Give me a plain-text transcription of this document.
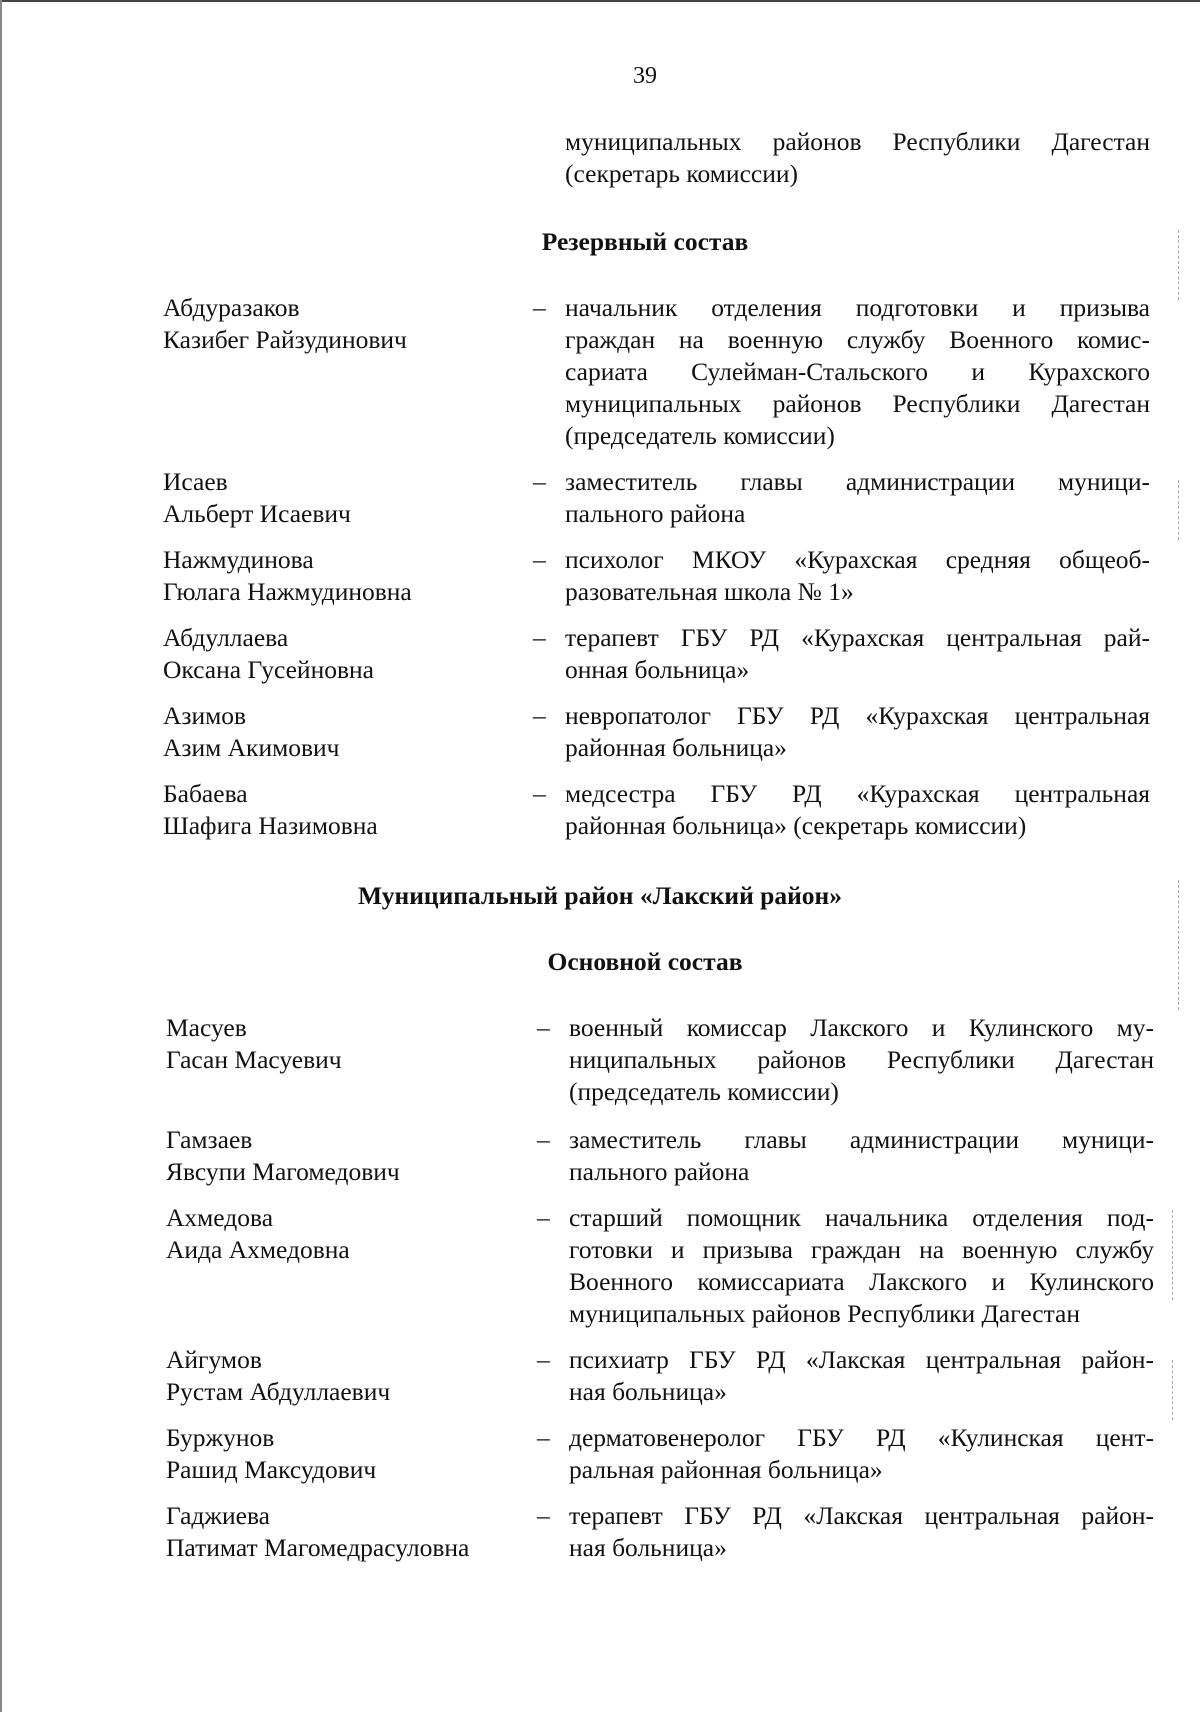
39
муниципальных районов Республики Дагестан
(секретарь комиссии)
Резервный состав
Абдуразаков
Казибег Райзудинович
– начальник отделения подготовки и призыва
граждан на военную службу Военного комис-
сариата Сулейман-Стальского и Курахского
муниципальных районов Республики Дагестан
(председатель комиссии)
Исаев
Альберт Исаевич
– заместитель главы администрации муници-
пального района
Нажмудинова
Гюлага Нажмудиновна
– психолог МКОУ «Курахская средняя общеоб-
разовательная школа № 1»
Абдуллаева
Оксана Гусейновна
– терапевт ГБУ РД «Курахская центральная рай-
онная больница»
Азимов
Азим Акимович
– невропатолог ГБУ РД «Курахская центральная
районная больница»
Бабаева
Шафига Назимовна
– медсестра ГБУ РД «Курахская центральная
районная больница» (секретарь комиссии)
Муниципальный район «Лакский район»
Основной состав
Масуев
Гасан Масуевич
– военный комиссар Лакского и Кулинского му-
ниципальных районов Республики Дагестан
(председатель комиссии)
Гамзаев
Явсупи Магомедович
– заместитель главы администрации муници-
пального района
Ахмедова
Аида Ахмедовна
– старший помощник начальника отделения под-
готовки и призыва граждан на военную службу
Военного комиссариата Лакского и Кулинского
муниципальных районов Республики Дагестан
Айгумов
Рустам Абдуллаевич
– психиатр ГБУ РД «Лакская центральная район-
ная больница»
Буржунов
Рашид Максудович
– дерматовенеролог ГБУ РД «Кулинская цент-
ральная районная больница»
Гаджиева
Патимат Магомедрасуловна
– терапевт ГБУ РД «Лакская центральная район-
ная больница»
